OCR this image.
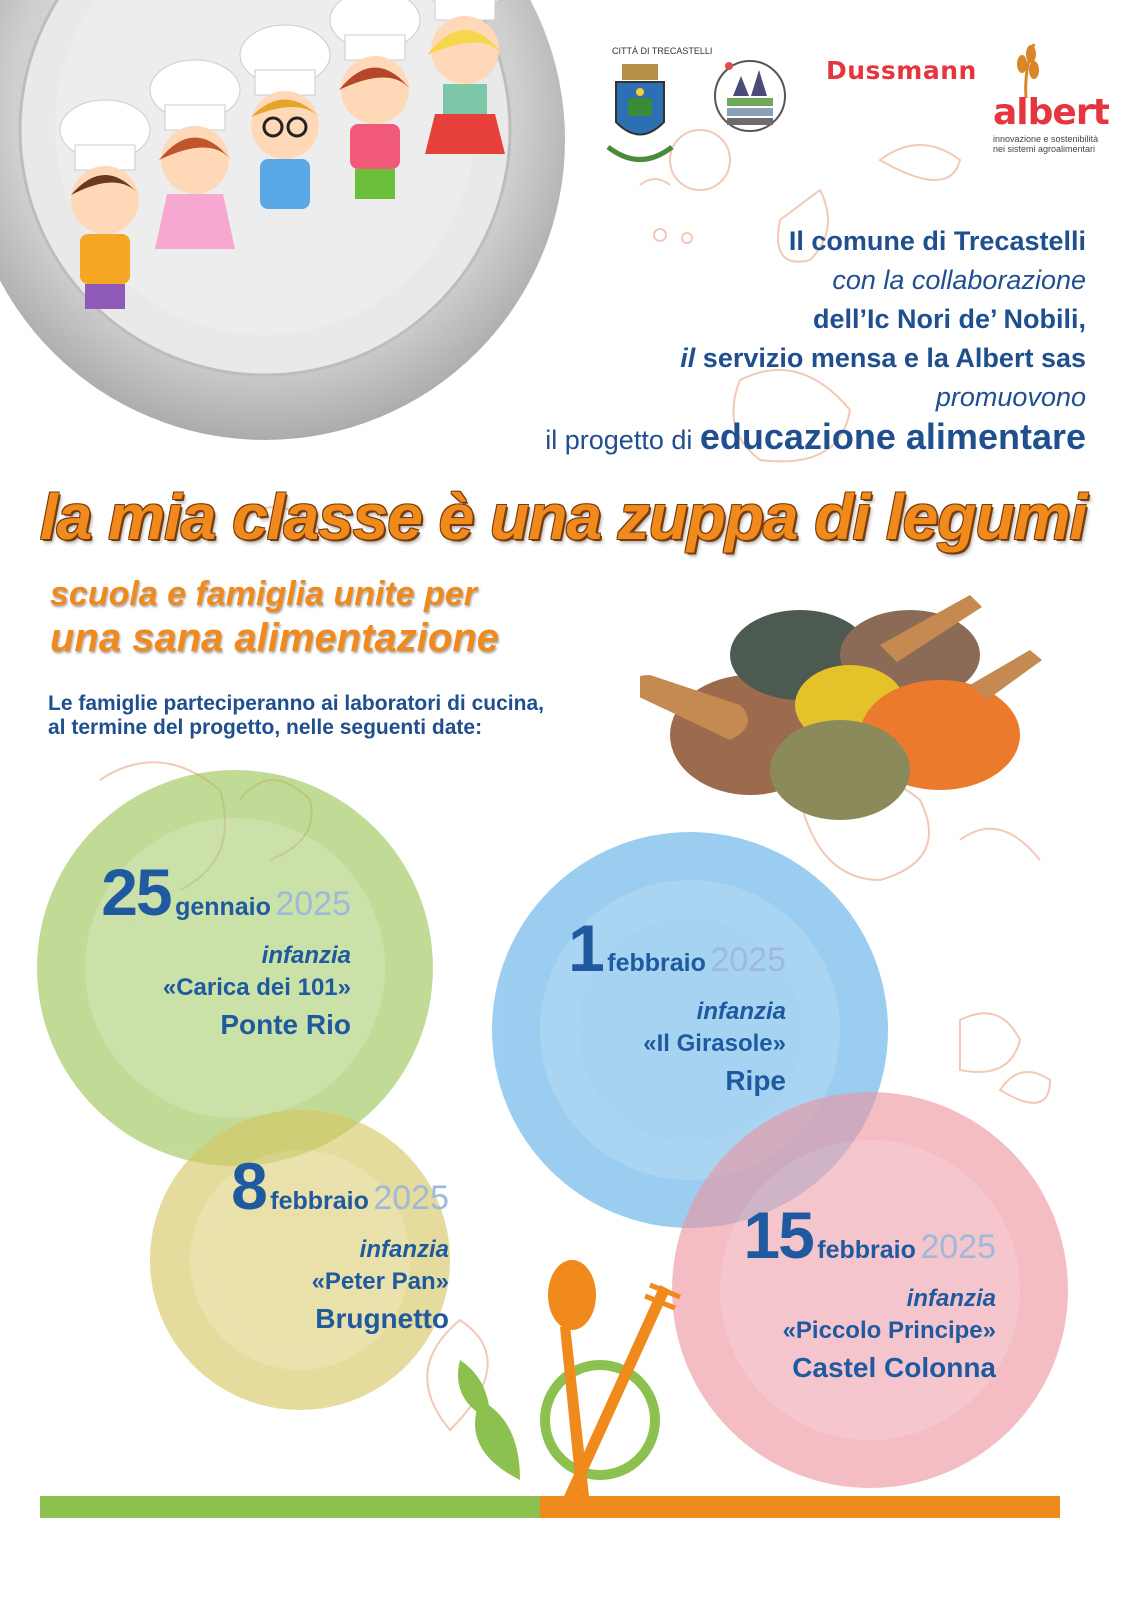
CITTÀ DI TRECASTELLI
Dussmann
albert
innovazione e sostenibilità
nei sistemi agroalimentari
Il comune di Trecastelli
con la collaborazione
dell’Ic Nori de’ Nobili,
il servizio mensa e la Albert sas
promuovono
il progetto di educazione alimentare
la mia classe è una zuppa di legumi
scuola e famiglia unite per
una sana alimentazione
Le famiglie parteciperanno ai laboratori di cucina,
al termine del progetto, nelle seguenti date:
25 gennaio 2025
infanzia
«Carica dei 101»
Ponte Rio
1 febbraio 2025
infanzia
«Il Girasole»
Ripe
8 febbraio 2025
infanzia
«Peter Pan»
Brugnetto
15 febbraio 2025
infanzia
«Piccolo Principe»
Castel Colonna
